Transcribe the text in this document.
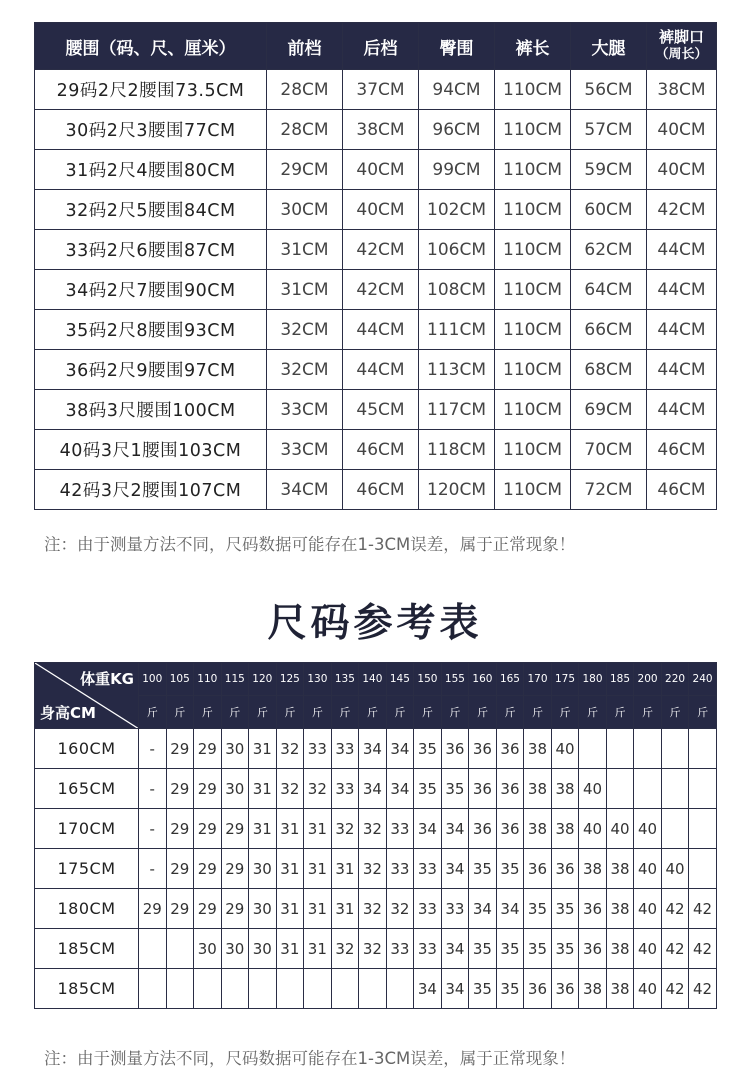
腰围（码、尺、厘米）	前档	后档	臀围	裤长	大腿	裤脚口
（周长）

29码2尺2腰围73.5CM	28CM	37CM	94CM	110CM	56CM	38CM
30码2尺3腰围77CM	28CM	38CM	96CM	110CM	57CM	40CM
31码2尺4腰围80CM	29CM	40CM	99CM	110CM	59CM	40CM
32码2尺5腰围84CM	30CM	40CM	102CM	110CM	60CM	42CM
33码2尺6腰围87CM	31CM	42CM	106CM	110CM	62CM	44CM
34码2尺7腰围90CM	31CM	42CM	108CM	110CM	64CM	44CM
35码2尺8腰围93CM	32CM	44CM	111CM	110CM	66CM	44CM
36码2尺9腰围97CM	32CM	44CM	113CM	110CM	68CM	44CM
38码3尺腰围100CM	33CM	45CM	117CM	110CM	69CM	44CM
40码3尺1腰围103CM	33CM	46CM	118CM	110CM	70CM	46CM
42码3尺2腰围107CM	34CM	46CM	120CM	110CM	72CM	46CM
注：由于测量方法不同，尺码数据可能存在1-3CM误差，属于正常现象！
尺码参考表
体重KG
身高CM	100	105	110	115	120	125	130	135	140	145	150	155	160	165	170	175	180	185	200	220	240
	斤	斤	斤	斤	斤	斤	斤	斤	斤	斤	斤	斤	斤	斤	斤	斤	斤	斤	斤	斤	斤
160CM	-	29	29	30	31	32	33	33	34	34	35	36	36	36	38	40					
165CM	-	29	29	30	31	32	32	33	34	34	35	35	36	36	38	38	40				
170CM	-	29	29	29	31	31	31	32	32	33	34	34	36	36	38	38	40	40	40		
175CM	-	29	29	29	30	31	31	31	32	33	33	34	35	35	36	36	38	38	40	40	
180CM	29	29	29	29	30	31	31	31	32	32	33	33	34	34	35	35	36	38	40	42	42
185CM			30	30	30	31	31	32	32	33	33	34	35	35	35	35	36	38	40	42	42
185CM											34	34	35	35	36	36	38	38	40	42	42
注：由于测量方法不同，尺码数据可能存在1-3CM误差，属于正常现象！
